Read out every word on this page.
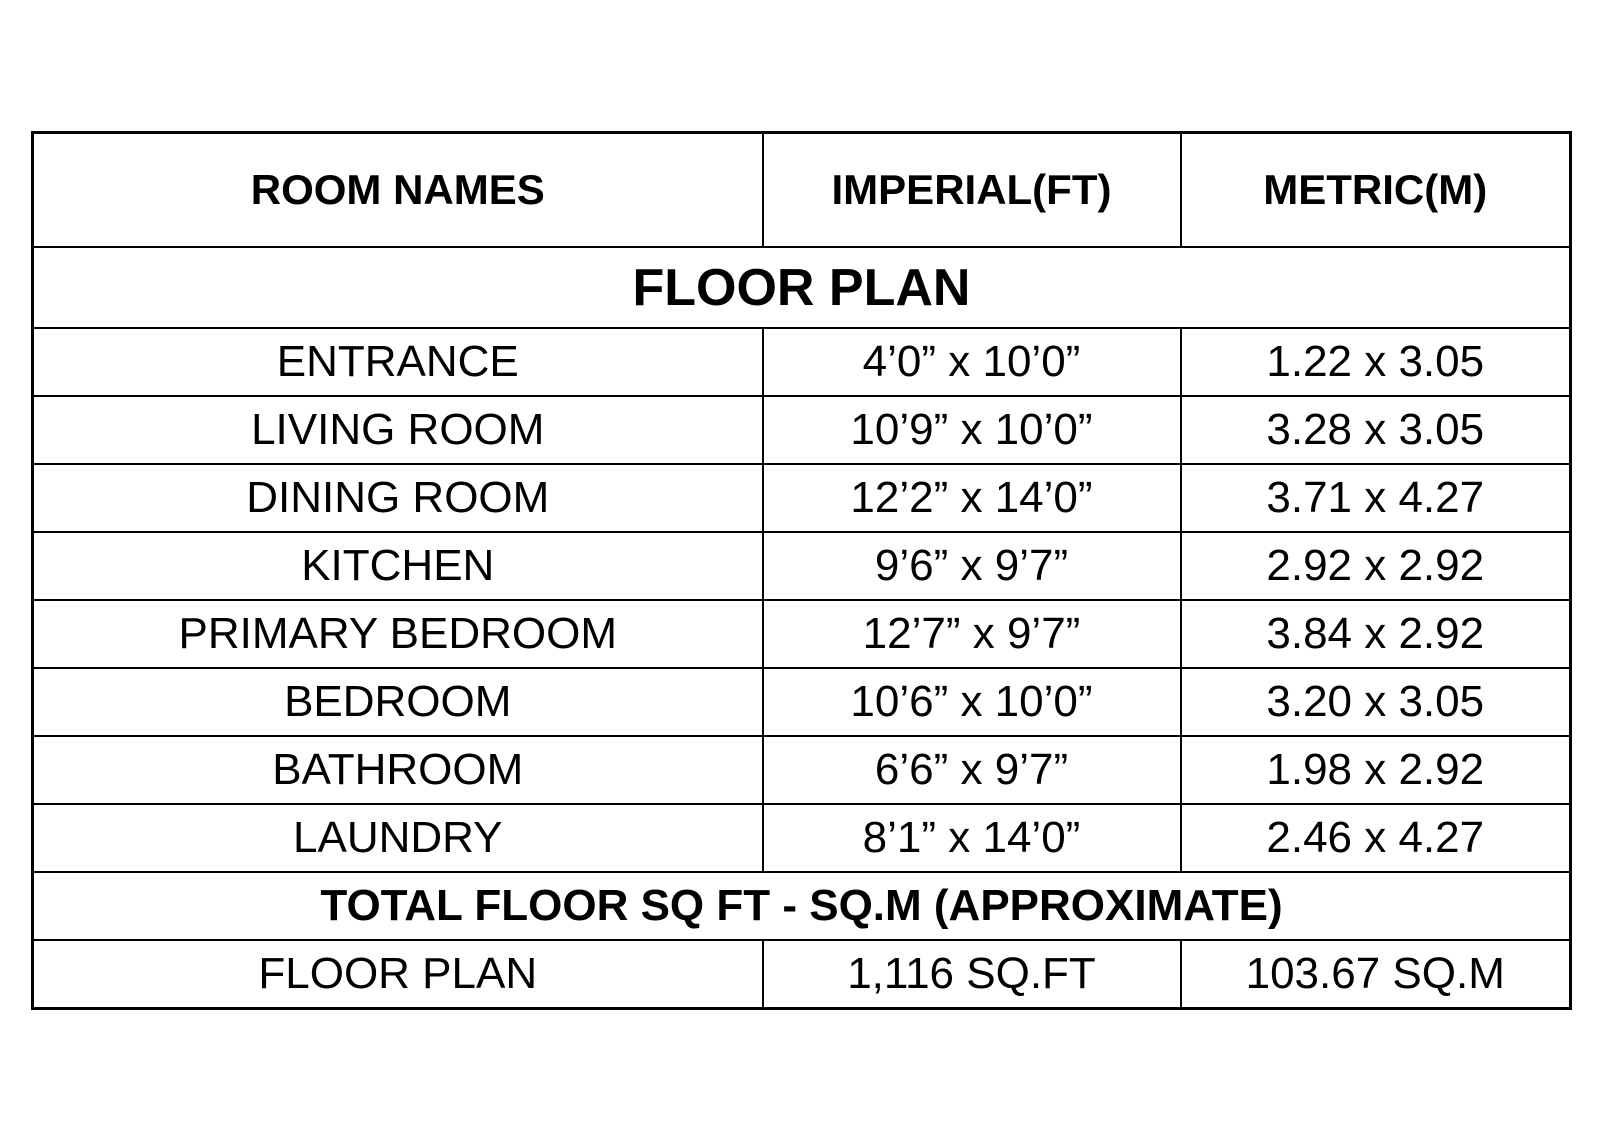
ROOM NAMES	IMPERIAL(FT)	METRIC(M)
FLOOR PLAN		
ENTRANCE	4’0” x 10’0”	1.22 x 3.05
LIVING ROOM	10’9” x 10’0”	3.28 x 3.05
DINING ROOM	12’2” x 14’0”	3.71 x 4.27
KITCHEN	9’6” x 9’7”	2.92 x 2.92
PRIMARY BEDROOM	12’7” x 9’7”	3.84 x 2.92
BEDROOM	10’6” x 10’0”	3.20 x 3.05
BATHROOM	6’6” x 9’7”	1.98 x 2.92
LAUNDRY	8’1” x 14’0”	2.46 x 4.27
TOTAL FLOOR SQ FT - SQ.M (APPROXIMATE)		
FLOOR PLAN	1,116 SQ.FT	103.67 SQ.M
